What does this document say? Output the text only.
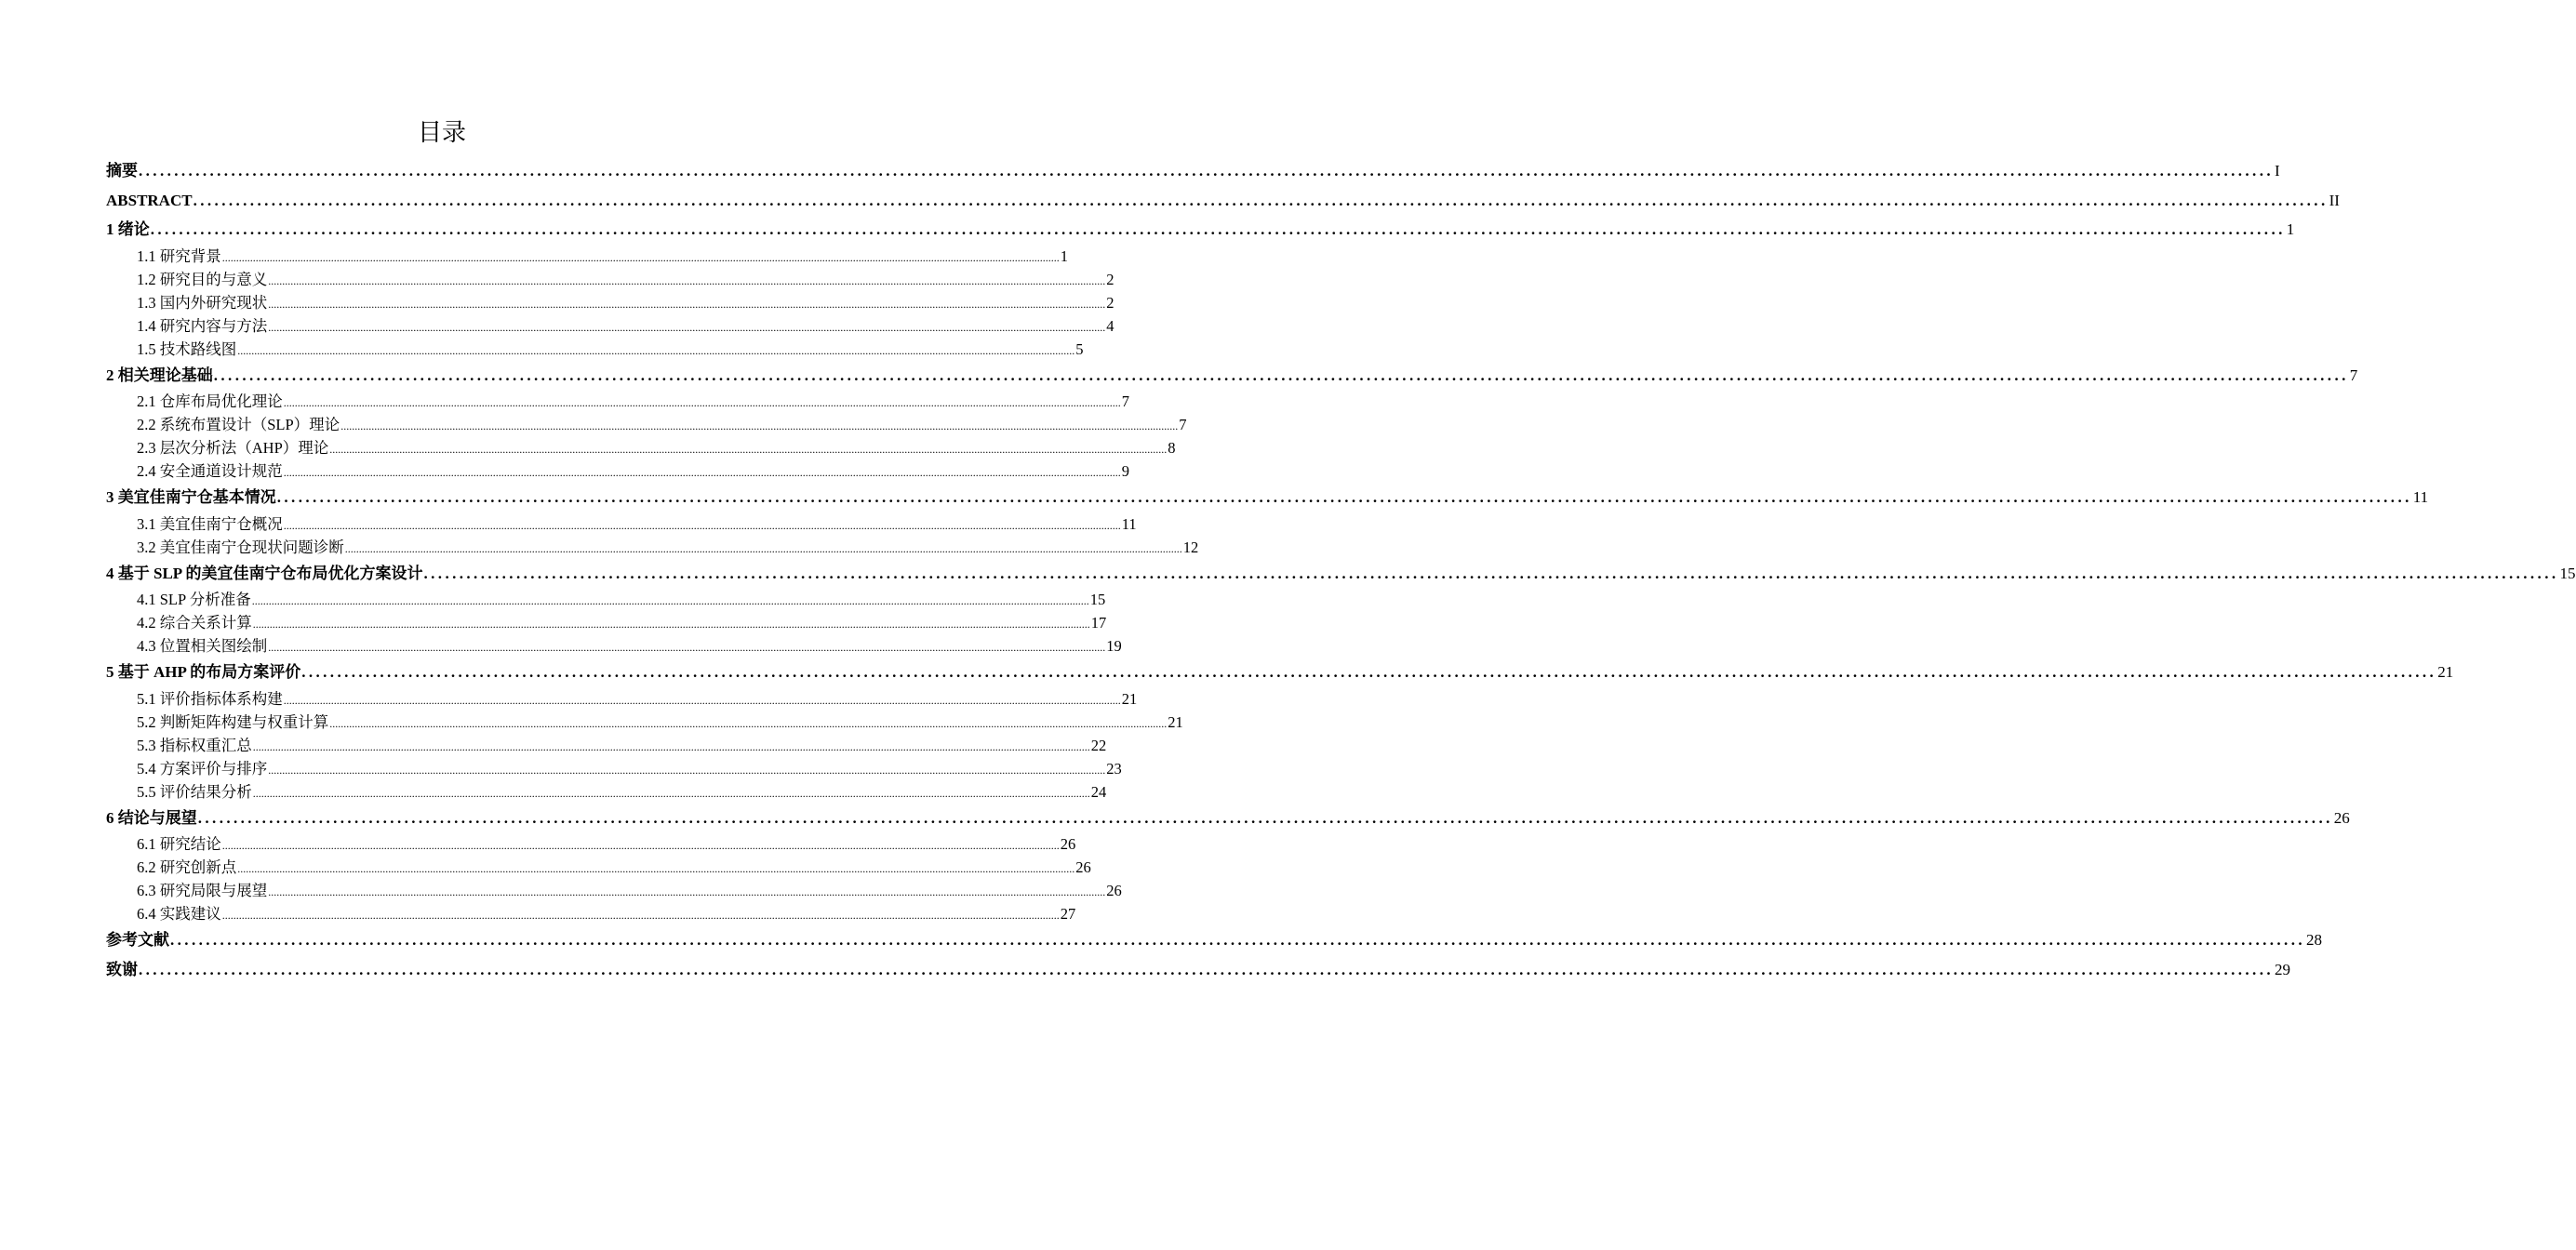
目录
摘要 ............................................................................................................................................................................................................................................................................................................ I
ABSTRACT ............................................................................................................................................................................................................................................................................................................ II
1 绪论 ............................................................................................................................................................................................................................................................................................................ 1
1.1 研究背景 ............................................................................................................................................................................................................................................................................................................ 1
1.2 研究目的与意义 ............................................................................................................................................................................................................................................................................................................ 2
1.3 国内外研究现状 ............................................................................................................................................................................................................................................................................................................ 2
1.4 研究内容与方法 ............................................................................................................................................................................................................................................................................................................ 4
1.5 技术路线图 ............................................................................................................................................................................................................................................................................................................ 5
2 相关理论基础 ............................................................................................................................................................................................................................................................................................................ 7
2.1 仓库布局优化理论 ............................................................................................................................................................................................................................................................................................................ 7
2.2 系统布置设计（SLP）理论 ............................................................................................................................................................................................................................................................................................................ 7
2.3 层次分析法（AHP）理论 ............................................................................................................................................................................................................................................................................................................ 8
2.4 安全通道设计规范 ............................................................................................................................................................................................................................................................................................................ 9
3 美宜佳南宁仓基本情况 ............................................................................................................................................................................................................................................................................................................ 11
3.1 美宜佳南宁仓概况 ............................................................................................................................................................................................................................................................................................................ 11
3.2 美宜佳南宁仓现状问题诊断 ............................................................................................................................................................................................................................................................................................................ 12
4 基于 SLP 的美宜佳南宁仓布局优化方案设计 ............................................................................................................................................................................................................................................................................................................ 15
4.1 SLP 分析准备 ............................................................................................................................................................................................................................................................................................................ 15
4.2 综合关系计算 ............................................................................................................................................................................................................................................................................................................ 17
4.3 位置相关图绘制 ............................................................................................................................................................................................................................................................................................................ 19
5 基于 AHP 的布局方案评价 ............................................................................................................................................................................................................................................................................................................ 21
5.1 评价指标体系构建 ............................................................................................................................................................................................................................................................................................................ 21
5.2 判断矩阵构建与权重计算 ............................................................................................................................................................................................................................................................................................................ 21
5.3 指标权重汇总 ............................................................................................................................................................................................................................................................................................................ 22
5.4 方案评价与排序 ............................................................................................................................................................................................................................................................................................................ 23
5.5 评价结果分析 ............................................................................................................................................................................................................................................................................................................ 24
6 结论与展望 ............................................................................................................................................................................................................................................................................................................ 26
6.1 研究结论 ............................................................................................................................................................................................................................................................................................................ 26
6.2 研究创新点 ............................................................................................................................................................................................................................................................................................................ 26
6.3 研究局限与展望 ............................................................................................................................................................................................................................................................................................................ 26
6.4 实践建议 ............................................................................................................................................................................................................................................................................................................ 27
参考文献 ............................................................................................................................................................................................................................................................................................................ 28
致谢 ............................................................................................................................................................................................................................................................................................................ 29
